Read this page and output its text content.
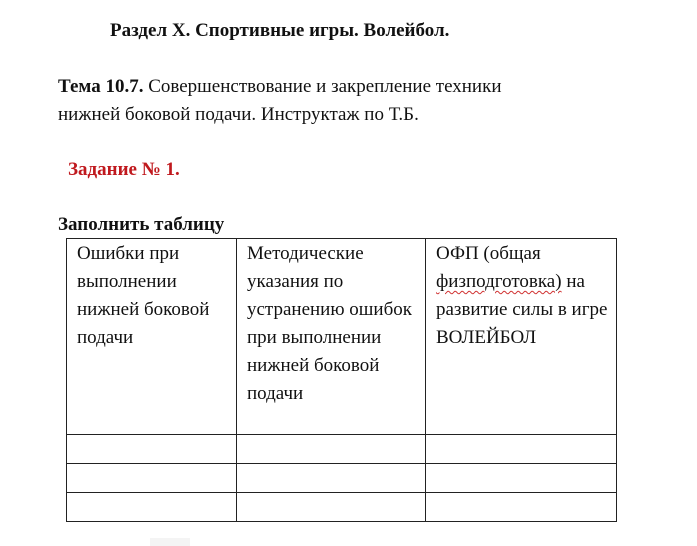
Раздел X. Спортивные игры. Волейбол.
Тема 10.7. Совершенствование и закрепление техники
нижней боковой подачи. Инструктаж по Т.Б.
Задание № 1.
Заполнить таблицу
Ошибки при выполнении нижней боковой подачи	Методические указания по устранению ошибок при выполнении нижней боковой подачи	ОФП (общая физподготовка) на развитие силы в игре ВОЛЕЙБОЛ
